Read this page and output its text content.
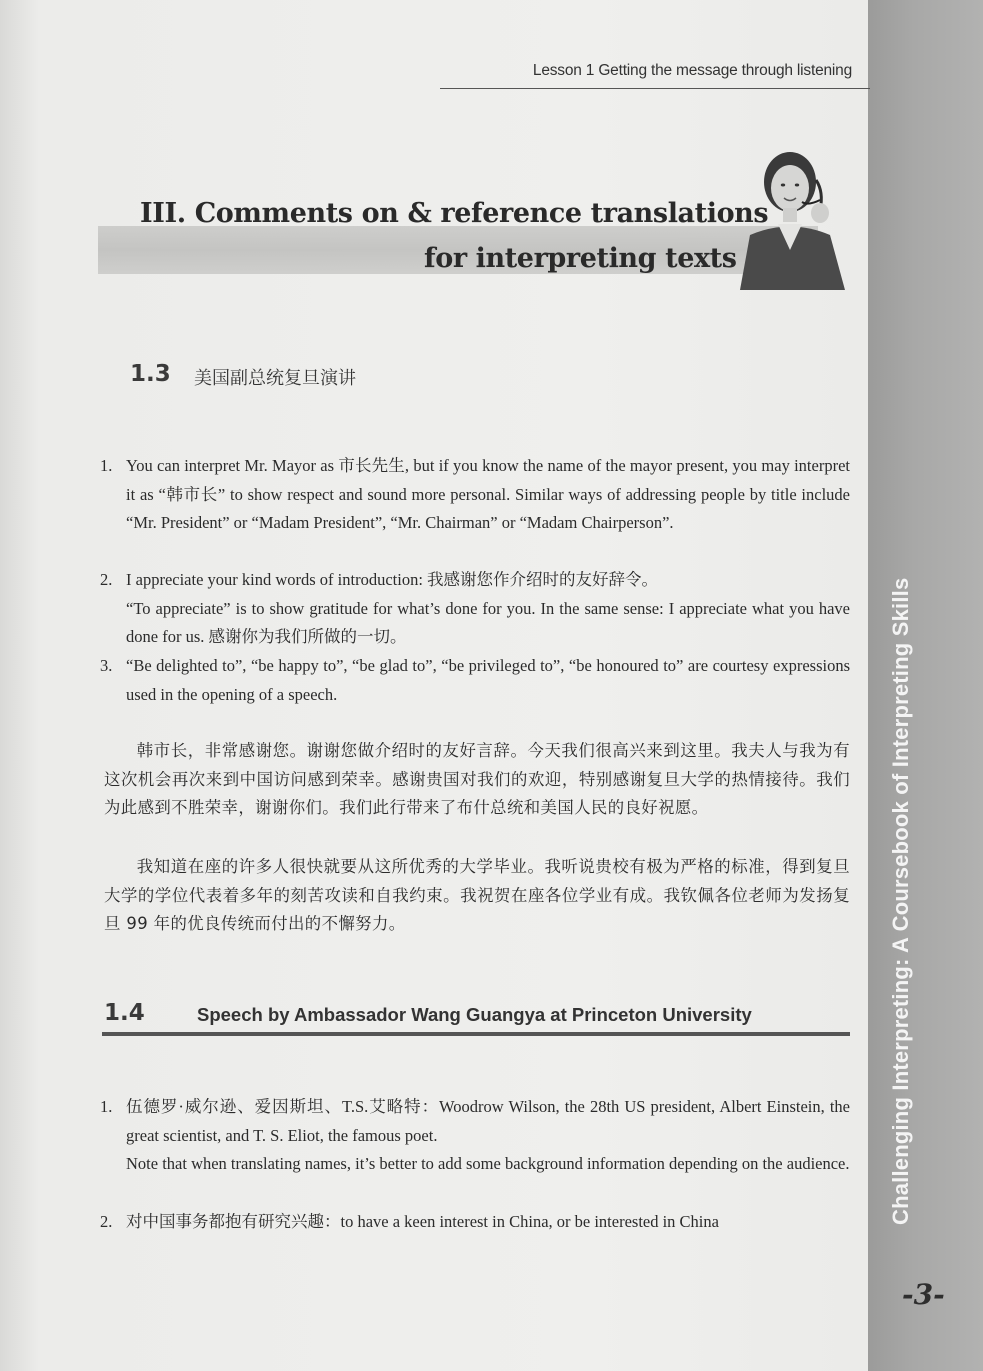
Challenging Interpreting: A Coursebook of Interpreting Skills
-3-
Lesson 1 Getting the message through listening
III. Comments on & reference translations
for interpreting texts
1.3 美国副总统复旦演讲
1. You can interpret Mr. Mayor as 市长先生, but if you know the name of the mayor present, you may interpret it as “韩市长” to show respect and sound more personal. Similar ways of addressing people by title include “Mr. President” or “Madam President”, “Mr. Chairman” or “Madam Chairperson”.

2. I appreciate your kind words of introduction: 我感谢您作介绍时的友好辞令。

“To appreciate” is to show gratitude for what’s done for you. In the same sense: I appreciate what you have done for us. 感谢你为我们所做的一切。

3. “Be delighted to”, “be happy to”, “be glad to”, “be privileged to”, “be honoured to” are courtesy expressions used in the opening of a speech.

韩市长，非常感谢您。谢谢您做介绍时的友好言辞。今天我们很高兴来到这里。我夫人与我为有这次机会再次来到中国访问感到荣幸。感谢贵国对我们的欢迎，特别感谢复旦大学的热情接待。我们为此感到不胜荣幸，谢谢你们。我们此行带来了布什总统和美国人民的良好祝愿。

我知道在座的许多人很快就要从这所优秀的大学毕业。我听说贵校有极为严格的标准，得到复旦大学的学位代表着多年的刻苦攻读和自我约束。我祝贺在座各位学业有成。我钦佩各位老师为发扬复旦 99 年的优良传统而付出的不懈努力。

1.4	Speech by Ambassador Wang Guangya at Princeton University
1. 伍德罗·威尔逊、爱因斯坦、T.S.艾略特：Woodrow Wilson, the 28th US president, Albert Einstein, the great scientist, and T. S. Eliot, the famous poet.

Note that when translating names, it’s better to add some background information depending on the audience.

2. 对中国事务都抱有研究兴趣：to have a keen interest in China, or be interested in China
